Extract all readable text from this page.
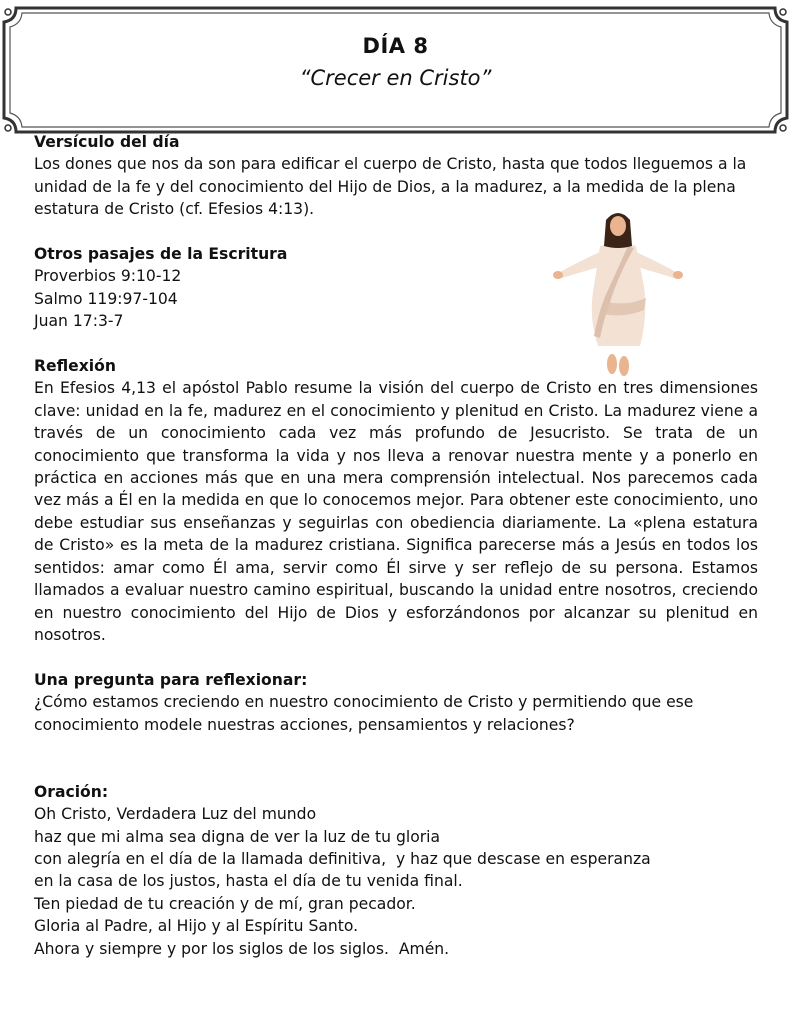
DÍA 8

“Crecer en Cristo”

Versículo del día

Los dones que nos da son para edificar el cuerpo de Cristo, hasta que todos lleguemos a la unidad de la fe y del conocimiento del Hijo de Dios, a la madurez, a la medida de la plena estatura de Cristo (cf. Efesios 4:13).

Otros pasajes de la Escritura

Proverbios 9:10-12

Salmo 119:97-104

Juan 17:3-7

Reflexión

En Efesios 4,13 el apóstol Pablo resume la visión del cuerpo de Cristo en tres dimensiones clave: unidad en la fe, madurez en el conocimiento y plenitud en Cristo. La madurez viene a través de un conocimiento cada vez más profundo de Jesucristo. Se trata de un conocimiento que transforma la vida y nos lleva a renovar nuestra mente y a ponerlo en práctica en acciones más que en una mera comprensión intelectual. Nos parecemos cada vez más a Él en la medida en que lo conocemos mejor. Para obtener este conocimiento, uno debe estudiar sus enseñanzas y seguirlas con obediencia diariamente. La «plena estatura de Cristo» es la meta de la madurez cristiana. Significa parecerse más a Jesús en todos los sentidos: amar como Él ama, servir como Él sirve y ser reflejo de su persona. Estamos llamados a evaluar nuestro camino espiritual, buscando la unidad entre nosotros, creciendo en nuestro conocimiento del Hijo de Dios y esforzándonos por alcanzar su plenitud en nosotros.

Una pregunta para reflexionar:

¿Cómo estamos creciendo en nuestro conocimiento de Cristo y permitiendo que ese conocimiento modele nuestras acciones, pensamientos y relaciones?

Oración:

Oh Cristo, Verdadera Luz del mundo
haz que mi alma sea digna de ver la luz de tu gloria
con alegría en el día de la llamada definitiva,  y haz que descase en esperanza
en la casa de los justos, hasta el día de tu venida final.
Ten piedad de tu creación y de mí, gran pecador.
Gloria al Padre, al Hijo y al Espíritu Santo.
Ahora y siempre y por los siglos de los siglos.  Amén.
